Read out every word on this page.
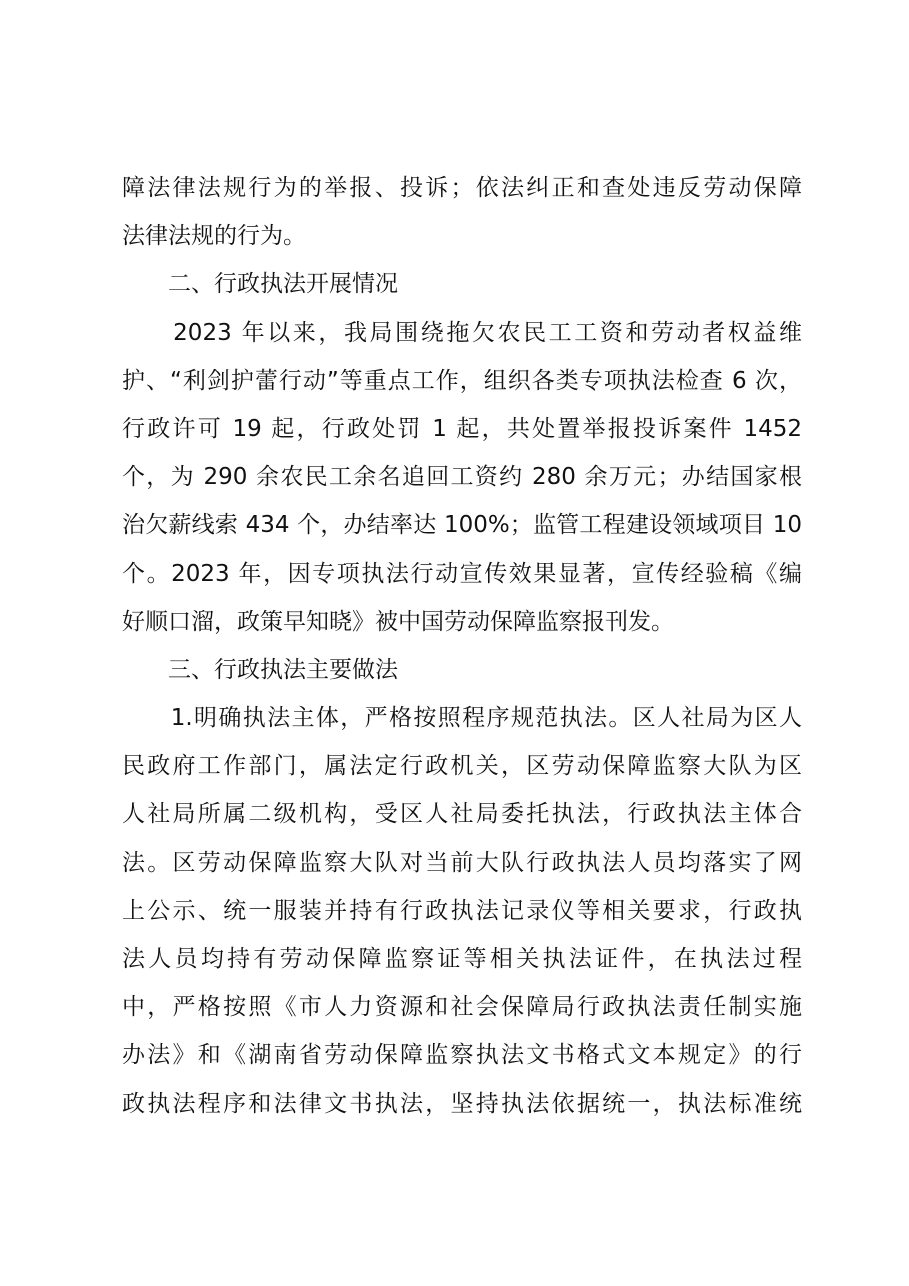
障法律法规行为的举报、投诉；依法纠正和查处违反劳动保障
法律法规的行为。
　　二、行政执法开展情况
　　2023 年以来，我局围绕拖欠农民工工资和劳动者权益维
护、“利剑护蕾行动”等重点工作，组织各类专项执法检查 6 次，
行政许可 19 起，行政处罚 1 起，共处置举报投诉案件 1452
个，为 290 余农民工余名追回工资约 280 余万元；办结国家根
治欠薪线索 434 个，办结率达 100%；监管工程建设领域项目 10
个。2023 年，因专项执法行动宣传效果显著，宣传经验稿《编
好顺口溜，政策早知晓》被中国劳动保障监察报刊发。
　　三、行政执法主要做法
　　1.明确执法主体，严格按照程序规范执法。区人社局为区人
民政府工作部门，属法定行政机关，区劳动保障监察大队为区
人社局所属二级机构，受区人社局委托执法，行政执法主体合
法。区劳动保障监察大队对当前大队行政执法人员均落实了网
上公示、统一服装并持有行政执法记录仪等相关要求，行政执
法人员均持有劳动保障监察证等相关执法证件，在执法过程
中，严格按照《市人力资源和社会保障局行政执法责任制实施
办法》和《湖南省劳动保障监察执法文书格式文本规定》的行
政执法程序和法律文书执法，坚持执法依据统一，执法标准统
